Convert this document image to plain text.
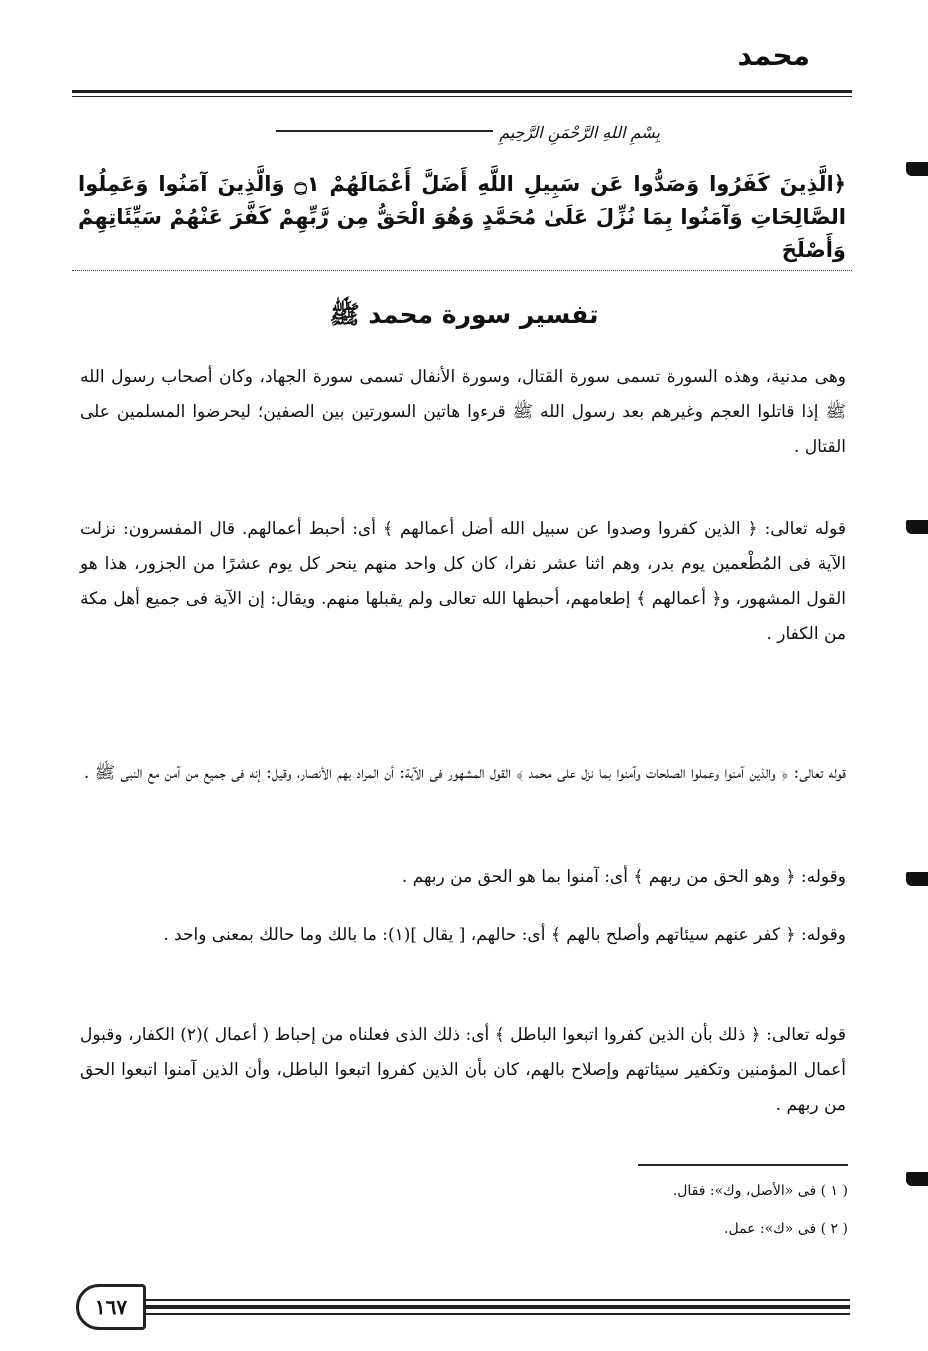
محمد
بِسْمِ اللهِ الرَّحْمَنِ الرَّحِيمِ
﴿الَّذِينَ كَفَرُوا وَصَدُّوا عَن سَبِيلِ اللَّهِ أَضَلَّ أَعْمَالَهُمْ ۝١ وَالَّذِينَ آمَنُوا وَعَمِلُوا الصَّالِحَاتِ وَآمَنُوا بِمَا نُزِّلَ عَلَىٰ مُحَمَّدٍ وَهُوَ الْحَقُّ مِن رَّبِّهِمْ كَفَّرَ عَنْهُمْ سَيِّئَاتِهِمْ وَأَصْلَحَ
تفسير سورة محمد ﷺ
وهى مدنية، وهذه السورة تسمى سورة القتال، وسورة الأنفال تسمى سورة الجهاد، وكان أصحاب رسول الله ﷺ إذا قاتلوا العجم وغيرهم بعد رسول الله ﷺ قرءوا هاتين السورتين بين الصفين؛ ليحرضوا المسلمين على القتال .
قوله تعالى: ﴿ الذين كفروا وصدوا عن سبيل الله أضل أعمالهم ﴾ أى: أحبط أعمالهم. قال المفسرون: نزلت الآية فى المُطْعمين يوم بدر، وهم اثنا عشر نفرا، كان كل واحد منهم ينحر كل يوم عشرًا من الجزور، هذا هو القول المشهور، و﴿ أعمالهم ﴾ إطعامهم، أحبطها الله تعالى ولم يقبلها منهم. ويقال: إن الآية فى جميع أهل مكة من الكفار .
قوله تعالى: ﴿ والذين آمنوا وعملوا الصلحات وآمنوا بما نزل على محمد ﴾ القول المشهور فى الآية: أن المراد بهم الأنصار، وقيل: إنه فى جميع من آمن مع النبى ﷺ .
وقوله: ﴿ وهو الحق من ربهم ﴾ أى: آمنوا بما هو الحق من ربهم .
وقوله: ﴿ كفر عنهم سيئاتهم وأصلح بالهم ﴾ أى: حالهم، [ يقال ](١): ما بالك وما حالك بمعنى واحد .
قوله تعالى: ﴿ ذلك بأن الذين كفروا اتبعوا الباطل ﴾ أى: ذلك الذى فعلناه من إحباط ( أعمال )(٢) الكفار، وقبول أعمال المؤمنين وتكفير سيئاتهم وإصلاح بالهم، كان بأن الذين كفروا اتبعوا الباطل، وأن الذين آمنوا اتبعوا الحق من ربهم .
( ١ ) فى «الأصل، وك»: فقال.
( ٢ ) فى «ك»: عمل.
١٦٧
